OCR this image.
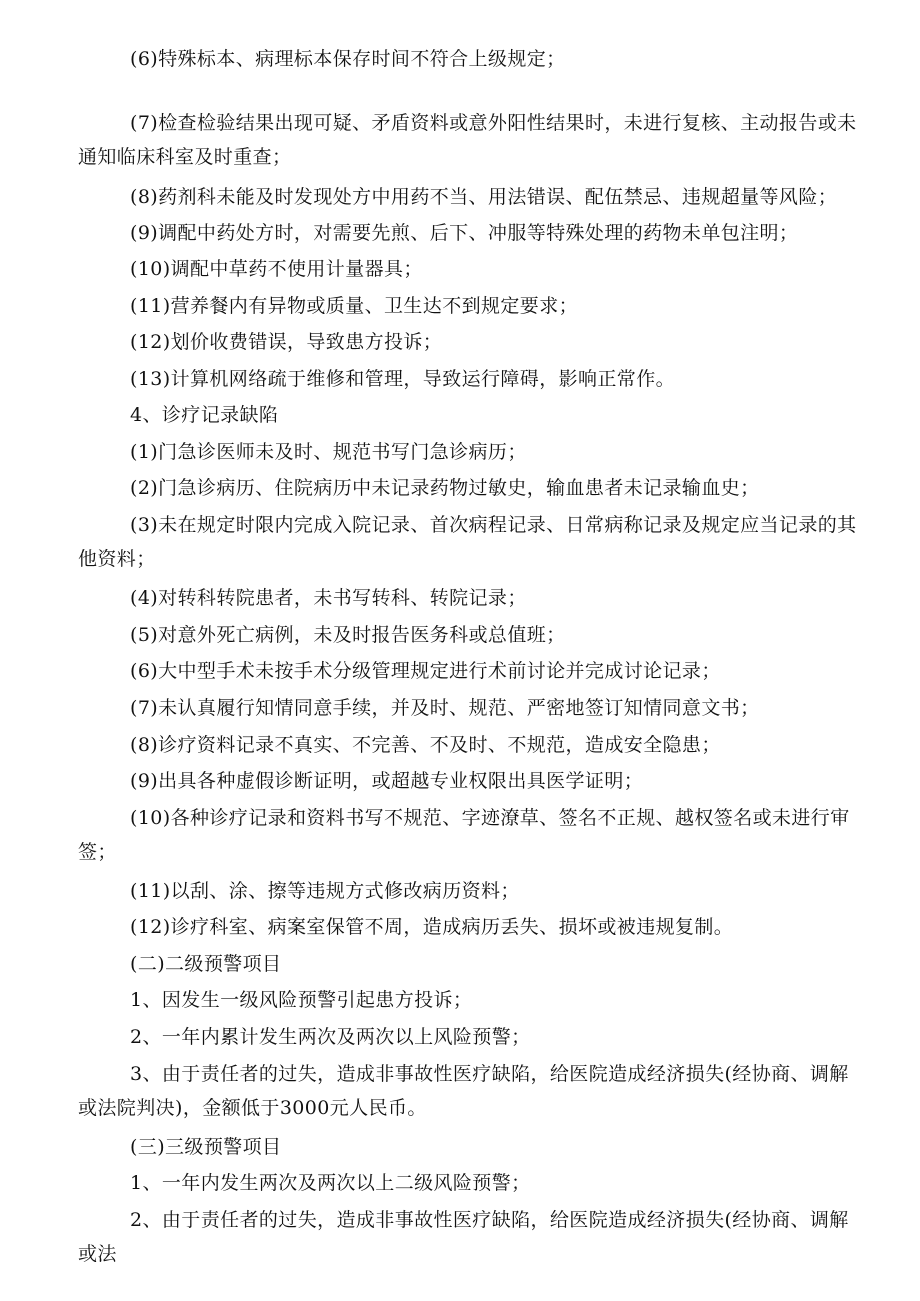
(6)特殊标本、病理标本保存时间不符合上级规定；

(7)检查检验结果出现可疑、矛盾资料或意外阳性结果时，未进行复核、主动报告或未通知临床科室及时重查；

(8)药剂科未能及时发现处方中用药不当、用法错误、配伍禁忌、违规超量等风险；

(9)调配中药处方时，对需要先煎、后下、冲服等特殊处理的药物未单包注明；

(10)调配中草药不使用计量器具；

(11)营养餐内有异物或质量、卫生达不到规定要求；

(12)划价收费错误，导致患方投诉；

(13)计算机网络疏于维修和管理，导致运行障碍，影响正常作。

4、诊疗记录缺陷

(1)门急诊医师未及时、规范书写门急诊病历；

(2)门急诊病历、住院病历中未记录药物过敏史，输血患者未记录输血史；

(3)未在规定时限内完成入院记录、首次病程记录、日常病称记录及规定应当记录的其他资料；

(4)对转科转院患者，未书写转科、转院记录；

(5)对意外死亡病例，未及时报告医务科或总值班；

(6)大中型手术未按手术分级管理规定进行术前讨论并完成讨论记录；

(7)未认真履行知情同意手续，并及时、规范、严密地签订知情同意文书；

(8)诊疗资料记录不真实、不完善、不及时、不规范，造成安全隐患；

(9)出具各种虚假诊断证明，或超越专业权限出具医学证明；

(10)各种诊疗记录和资料书写不规范、字迹潦草、签名不正规、越权签名或未进行审签；

(11)以刮、涂、擦等违规方式修改病历资料；

(12)诊疗科室、病案室保管不周，造成病历丢失、损坏或被违规复制。

(二)二级预警项目

1、因发生一级风险预警引起患方投诉；

2、一年内累计发生两次及两次以上风险预警；

3、由于责任者的过失，造成非事故性医疗缺陷，给医院造成经济损失(经协商、调解或法院判决)，金额低于3000元人民币。

(三)三级预警项目

1、一年内发生两次及两次以上二级风险预警；

2、由于责任者的过失，造成非事故性医疗缺陷，给医院造成经济损失(经协商、调解或法
